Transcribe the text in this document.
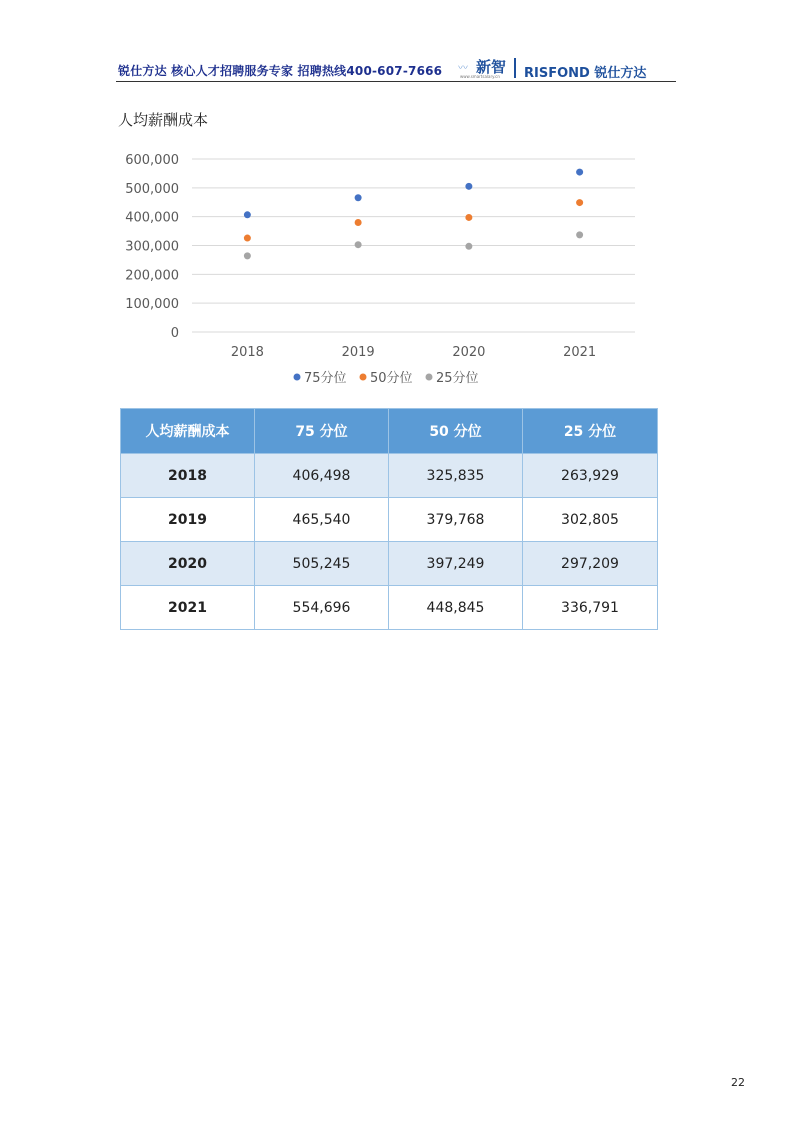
锐仕方达 核心人才招聘服务专家 招聘热线400-607-7666 〰 新智
www.smartsalary.cn RISFOND 锐仕方达
人均薪酬成本
0
100,000
200,000
300,000
400,000
500,000
600,000
2018	2019	2020	2021
75分位 50分位 25分位
人均薪酬成本	75 分位	50 分位	25 分位
2018	406,498	325,835	263,929
2019	465,540	379,768	302,805
2020	505,245	397,249	297,209
2021	554,696	448,845	336,791
22
